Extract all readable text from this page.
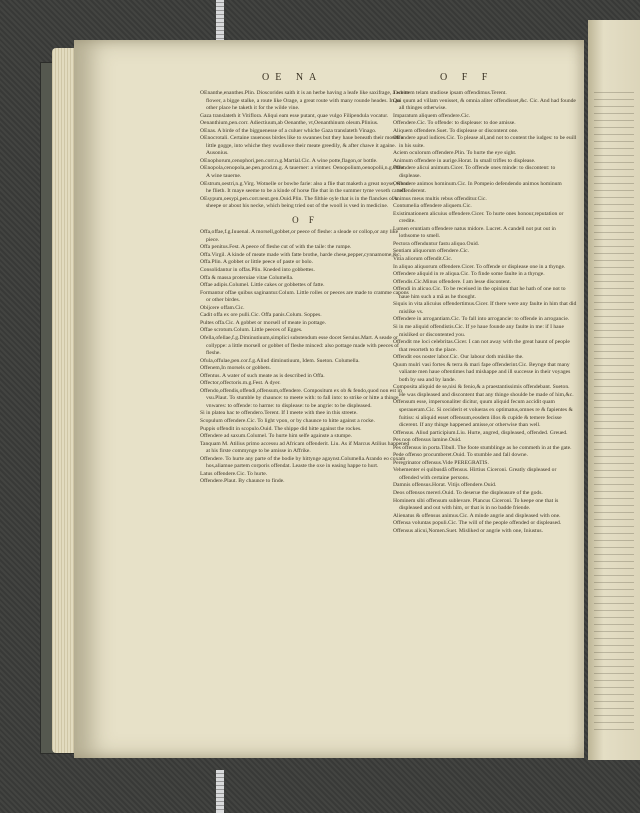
OE NA	O F F

OEnanthe,enanthes.Plin. Dioscorides saith it is an herbe having a leafe like saxifrage, a white flower, a bigge stalke, a route like Orage, a great route with many rounde heades. In an other place he taketh it for the wilde vine.

Gaza translateth it Vitiflora. Aliqui eam esse putant, quae vulgo Filipendula vocatur.

Oenanthium,pen.corr. Adiectiuum,ab Oenanthe, vt,Oenanthinum oleum.Plinius.

OEnas. A birde of the bigguenesse of a culuer whiche Gaza translateth Vinago.

OEnocrotali. Certaine rauenous birdes like to swannes but they haue beneath their mouth a little gogge, into whiche they swallowe their meate greedily, & after chawe it againe. Ausonius.

OEnophorum,cenophori,pen.corr.n.g.Martial.Cic. A wine potte,flagon,or bottle.

OEnopola,cenopola,ae.pen.prod.m.g. A tauerner: a vintner. Oenopolium,oenopolii,n.g.Plaut. A wine tauerne.

OEstrum,oestri,n.g.Virg. Wotnelle or bowbe farie: also a flie that maketh a great noyse, when he flieth. It maye seeme to be a kinde of horse flie that in the summer tyme vexeth cattell.

OEsypum,oesypi,pen.corr.neut.gen.Ouid.Plin. The filthie oyle that is in the flanckes of a sheepe or about his necke, which being tried out of the wooll is vsed in medicine.

O F

Offa,offae,f.g.Iuuenal. A morsell,gobbet,or peece of fleshe: a sleade or collop,or any like piece.

Offa penitus.Fest. A peece of fleshe cut of with the taile: the rumpe.

Offa.Virgil. A kinde of meate made with fatte brothe, harde chese,pepper,cynnamome,&c.

Offa.Plin. A gobbet or little peece of paste or bolo.

Consolidantur in offas.Plin. Kneded into gobbettes.

Offa & massa proteruiae vitae Columella.

Offae adipis.Columel. Little cakes or gobbettes of fatte.

Formantur offae quibus saginantur.Colum. Little rolles or peeces are made to cramme capons or other birdes.

Obijcere offam.Cic.

Cadit offa ex ore pulli.Cic. Offa panis.Colum. Soppes.

Pultes offa.Cic. A gobbet or morsell of meate in pottage.

Offae scrotum.Colum. Little peeces of Egges.

Ofella,ofellae,f.g.Diminutiuum,simplici substendum esse docet Seruius.Mart. A seade or collyppe: a little morsell or gobbet of fleshe minced: also pottage made with peeces of fleshe.

Ofula,offulae,pen.cor.f.g.Aliud diminutiuum, Idem. Sueton. Columella.

Offenem,In morsels or gobbets.

Offentus. A water of such meate as is described in Offa.

Offector,offectoris.m.g.Fest. A dyer.

Offendo,offendis,offendi,offensum,offendere. Compositum ex ob & fendo,quod non est in vsu.Plaut. To stumble by chaunce: to meete with: to fall into: to strike or hitte a thinge vnwares: to offende: to harme: to displease: to be angrie: to be displeased.

Si in platea hac te offendero.Terent. If I meete with thee in this streete.

Scopulum offendere.Cic. To light vpon, or by chaunce to hitte against a rocke.

Puppis offendit in scopulo.Ouid. The shippe did hitte against the rockes.

Offendere ad saxum.Columel. To hurte him selfe againste a stumpe.

Tanquam M. Atilius primo accessu ad Africam offenderit. Liu. As if Marcus Atilius happened at his firste commynge to be amisse in Affrike.

Offendere. To hurte any parte of the bodie by hittynge agaynst.Columella.Arando eo coxam hos,aliamue partem corporis offendat. Leaste the oxe in easing happe to hurt.

Latus offendere.Cic. To hurte.

Offendere.Plaut. By chaunce to finde.

Tacentem telam studiose ipsam offendimus.Terent.

Qui quum ad villam venisset, & omnia aliter offendisset,&c. Cic. And had founde all thinges otherwise.

Imparatum aliquem offendere.Cic.

Offendere.Cic. To offende: to displease: to doe amisse.

Aliquem offendere.Suet. To displease or discontent one.

Offendere apud iudices.Cic. To please all,and not to content the iudges: to be euill in his suite.

Aciem oculorum offendere.Plin. To hurte the eye sight.

Animum offendere in aurige.Horat. In small trifles to displease.

Offendere alicui animum.Cicer. To offende ones minde: to discontent: to displease.

Offendere animos hominum.Cic. In Pompeio defendendo animos hominum offenderent.

Animus meus multis rebus offenditur.Cic.

Contumelia offendere aliquem.Cic.

Existimationem alicuius offendere.Cicer. To hurte ones honour,reputation or credite.

Lumen eruntiam offendere natus midore. Lucret. A candell not put out in lothsome to smell.

Pectora offenduntur fastu aliquo.Ouid.

Sentiam aliquorum offendere.Cic.

Vitia aliorum offendit.Cic.

In aliquo aliquorum offendere.Cicer. To offende or displease one in a thynge.

Offendere aliquid in re aliqua.Cic. To finde some faulte in a thynge.

Offendis.Cic.Minus offendere. I am lesse discontent.

Offendi in alicuo.Cic. To be receiued in the opinion that he hath of one not to haue him such a mã as he thought.

Siquis in vita alicuius offendertimus.Cicer. If there were any faulte in him that did mislike vs.

Offendere in arrogantiam.Cic. To fall into arrogancie: to offende in arrogancie.

Si in me aliquid offendistis.Cic. If ye haue founde any faulte in me: if I haue misliked or discontented you.

Offendit me loci celebritas.Cicer. I can not away with the great haunt of people that resorteth to the place.

Offendit eos noster labor.Cic. Our labour doth mislike the.

Quum mulri vasi fortes & terra & mari fape offenderint.Cic. Beynge that many valiante men haue oftentimes had mishappe and ill successe in their voyages both by sea and by lande.

Composita aliquid de se,nisi & fenio,& a praestantissimis offendebant. Sueton. He was displeased and discontent that any thinge shoulde be made of him,&c.

Offensum esse, impersonaliter dicitur, quum aliquid fecum accidit quam speraueram.Cic. Si ceciderit et volueras ex optimatus,omnes re & fapientes & fuitiss: si aliquid esset offensum,eosdem illos & cupide & temere fecisse dicerent. If any thinge happened amisse,or otherwise than well.

Offensus. Aliud participium.Liu. Hurte, angred, displeased, offended. Greued.

Pes non offensus lamine.Ouid.

Pes offensus in porta.Tibull. The foote stumblinge as he commeth in at the gate.

Pede offenso procumberet.Ouid. To stumble and fall downe.

Peregrinator offensus.Vide PEREGRATIS.

Vehementer ei quibusdã offensus. Hirtius Ciceroni. Greatly displeased or offended with certaine persons.

Damnis offensus.Horat. Vitijs offendere.Ouid.

Deos offensos mereri.Ouid. To deserue the displeasure of the gods.

Hominem sibi offensum sublevare. Plancus Ciceroni. To keepe one that is displeased and out with him, or that is in no badde friende.

Alienatus & offensus animus.Cic. A minde angrie and displeased with one.

Offensa voluntas populi.Cic. The will of the people offended or displeased.

Offensus alicui,Nomen.Suet. Misliked or angrie with one, Iniustus.
